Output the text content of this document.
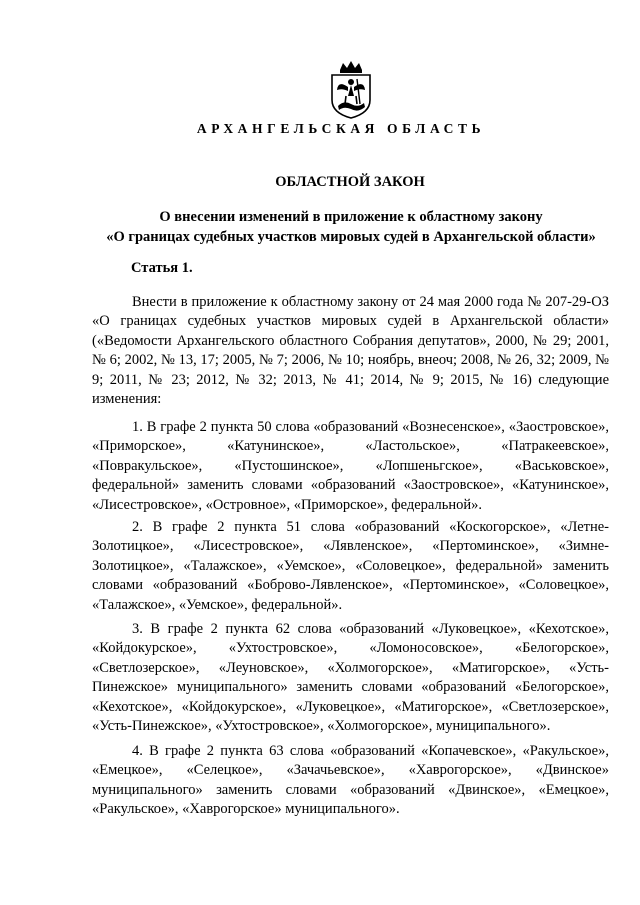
АРХАНГЕЛЬСКАЯ ОБЛАСТЬ
ОБЛАСТНОЙ ЗАКОН
О внесении изменений в приложение к областному закону
«О границах судебных участков мировых судей в Архангельской области»
Статья 1.

Внести в приложение к областному закону от 24 мая 2000 года № 207-29-ОЗ «О границах судебных участков мировых судей в Архангельской области» («Ведомости Архангельского областного Собрания депутатов», 2000, № 29; 2001, № 6; 2002, № 13, 17; 2005, № 7; 2006, № 10; ноябрь, внеоч; 2008, № 26, 32; 2009, № 9; 2011, № 23; 2012, № 32; 2013, № 41; 2014, № 9; 2015, № 16) следующие изменения:

1. В графе 2 пункта 50 слова «образований «Вознесенское», «Заостровское», «Приморское», «Катунинское», «Ластольское», «Патракеевское», «Повракульское», «Пустошинское», «Лопшеньгское», «Васьковское», федеральной» заменить словами «образований «Заостровское», «Катунинское», «Лисестровское», «Островное», «Приморское», федеральной».

2. В графе 2 пункта 51 слова «образований «Коскогорское», «Летне-Золотицкое», «Лисестровское», «Лявленское», «Пертоминское», «Зимне-Золотицкое», «Талажское», «Уемское», «Соловецкое», федеральной» заменить словами «образований «Боброво-Лявленское», «Пертоминское», «Соловецкое», «Талажское», «Уемское», федеральной».

3. В графе 2 пункта 62 слова «образований «Луковецкое», «Кехотское», «Койдокурское», «Ухтостровское», «Ломоносовское», «Белогорское», «Светлозерское», «Леуновское», «Холмогорское», «Матигорское», «Усть-Пинежское» муниципального» заменить словами «образований «Белогорское», «Кехотское», «Койдокурское», «Луковецкое», «Матигорское», «Светлозерское», «Усть-Пинежское», «Ухтостровское», «Холмогорское», муниципального».

4. В графе 2 пункта 63 слова «образований «Копачевское», «Ракульское», «Емецкое», «Селецкое», «Зачачьевское», «Хаврогорское», «Двинское» муниципального» заменить словами «образований «Двинское», «Емецкое», «Ракульское», «Хаврогорское» муниципального».
